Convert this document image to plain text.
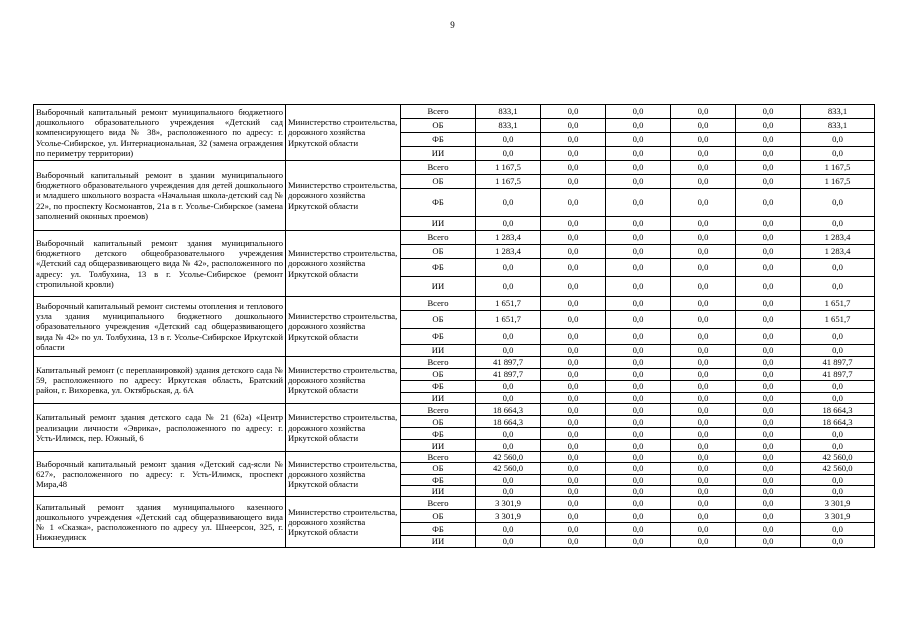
9
Выборочный капитальный ремонт муниципального бюджетного дошкольного образовательного учреждения «Детский сад компенсирующего вида № 38», расположенного по адресу: г. Усолье-Сибирское, ул. Интернациональная, 32 (замена ограждения по периметру территории)	Министерство строительства, дорожного хозяйства Иркутской области	Всего	833,1	0,0	0,0	0,0	0,0	833,1
		ОБ	833,1	0,0	0,0	0,0	0,0	833,1
		ФБ	0,0	0,0	0,0	0,0	0,0	0,0
		ИИ	0,0	0,0	0,0	0,0	0,0	0,0
Выборочный капитальный ремонт в здании муниципального бюджетного образовательного учреждения для детей дошкольного и младшего школьного возраста «Начальная школа-детский сад № 22», по проспекту Космонавтов, 21а в г. Усолье-Сибирское (замена заполнений оконных проемов)	Министерство строительства, дорожного хозяйства Иркутской области	Всего	1 167,5	0,0	0,0	0,0	0,0	1 167,5
		ОБ	1 167,5	0,0	0,0	0,0	0,0	1 167,5
		ФБ	0,0	0,0	0,0	0,0	0,0	0,0
		ИИ	0,0	0,0	0,0	0,0	0,0	0,0
Выборочный капитальный ремонт здания муниципального бюджетного детского общеобразовательного учреждения «Детский сад общеразвивающего вида № 42», расположенного по адресу: ул. Толбухина, 13 в г. Усолье-Сибирское (ремонт стропильной кровли)	Министерство строительства, дорожного хозяйства Иркутской области	Всего	1 283,4	0,0	0,0	0,0	0,0	1 283,4
		ОБ	1 283,4	0,0	0,0	0,0	0,0	1 283,4
		ФБ	0,0	0,0	0,0	0,0	0,0	0,0
		ИИ	0,0	0,0	0,0	0,0	0,0	0,0
Выборочный капитальный ремонт системы отопления и теплового узла здания муниципального бюджетного дошкольного образовательного учреждения «Детский сад общеразвивающего вида № 42» по ул. Толбухина, 13 в г. Усолье-Сибирское Иркутской области	Министерство строительства, дорожного хозяйства Иркутской области	Всего	1 651,7	0,0	0,0	0,0	0,0	1 651,7
		ОБ	1 651,7	0,0	0,0	0,0	0,0	1 651,7
		ФБ	0,0	0,0	0,0	0,0	0,0	0,0
		ИИ	0,0	0,0	0,0	0,0	0,0	0,0
Капитальный ремонт (с перепланировкой) здания детского сада № 59, расположенного по адресу: Иркутская область, Братский район, г. Вихоревка, ул. Октябрьская, д. 6А	Министерство строительства, дорожного хозяйства Иркутской области	Всего	41 897,7	0,0	0,0	0,0	0,0	41 897,7
		ОБ	41 897,7	0,0	0,0	0,0	0,0	41 897,7
		ФБ	0,0	0,0	0,0	0,0	0,0	0,0
		ИИ	0,0	0,0	0,0	0,0	0,0	0,0
Капитальный ремонт здания детского сада № 21 (62а) «Центр реализации личности «Эврика», расположенного по адресу: г. Усть-Илимск, пер. Южный, 6	Министерство строительства, дорожного хозяйства Иркутской области	Всего	18 664,3	0,0	0,0	0,0	0,0	18 664,3
		ОБ	18 664,3	0,0	0,0	0,0	0,0	18 664,3
		ФБ	0,0	0,0	0,0	0,0	0,0	0,0
		ИИ	0,0	0,0	0,0	0,0	0,0	0,0
Выборочный капитальный ремонт здания «Детский сад-ясли № 627», расположенного по адресу: г. Усть-Илимск, проспект Мира,48	Министерство строительства, дорожного хозяйства Иркутской области	Всего	42 560,0	0,0	0,0	0,0	0,0	42 560,0
		ОБ	42 560,0	0,0	0,0	0,0	0,0	42 560,0
		ФБ	0,0	0,0	0,0	0,0	0,0	0,0
		ИИ	0,0	0,0	0,0	0,0	0,0	0,0
Капитальный ремонт здания муниципального казенного дошкольного учреждения «Детский сад общеразвивающего вида № 1 «Сказка», расположенного по адресу ул. Шнеерсон, 325, г. Нижнеудинск	Министерство строительства, дорожного хозяйства Иркутской области	Всего	3 301,9	0,0	0,0	0,0	0,0	3 301,9
		ОБ	3 301,9	0,0	0,0	0,0	0,0	3 301,9
		ФБ	0,0	0,0	0,0	0,0	0,0	0,0
		ИИ	0,0	0,0	0,0	0,0	0,0	0,0
